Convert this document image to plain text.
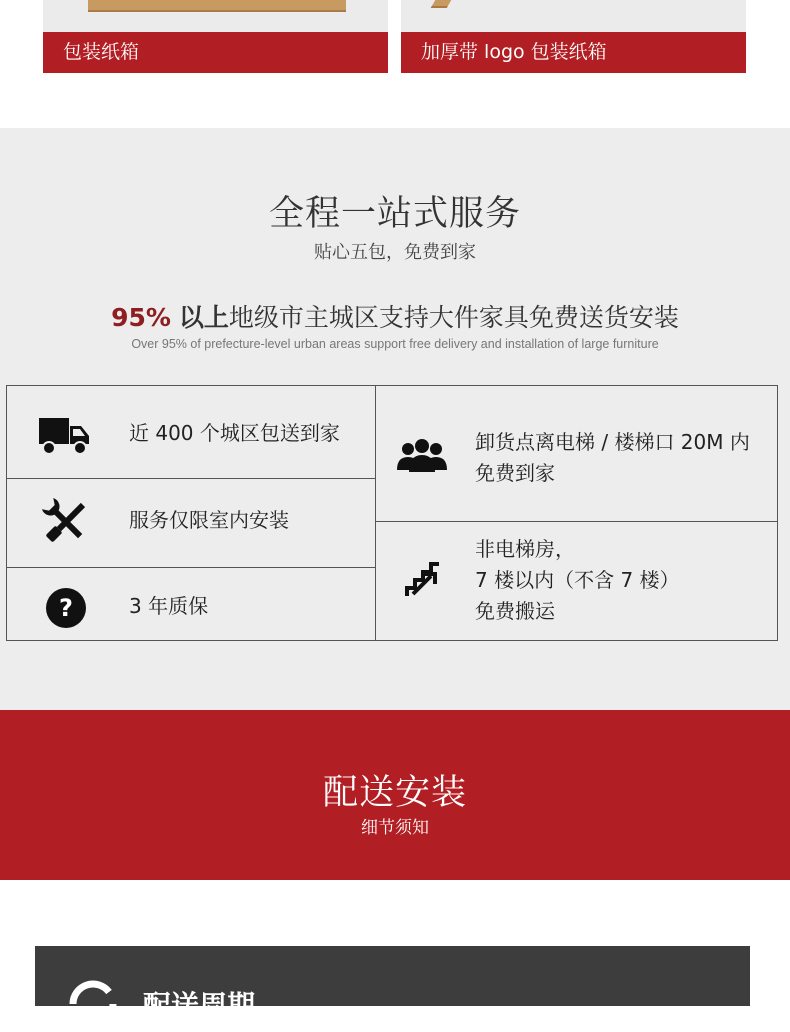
包装纸箱	加厚带 logo 包装纸箱
全程一站式服务
贴心五包，免费到家
95% 以上地级市主城区支持大件家具免费送货安装
Over 95% of prefecture-level urban areas support free delivery and installation of large furniture
近 400 个城区包送到家
服务仅限室内安装
?	3 年质保
卸货点离电梯 / 楼梯口 20M 内
免费到家
非电梯房，
7 楼以内（不含 7 楼）
免费搬运
配送安装
细节须知
配送周期
